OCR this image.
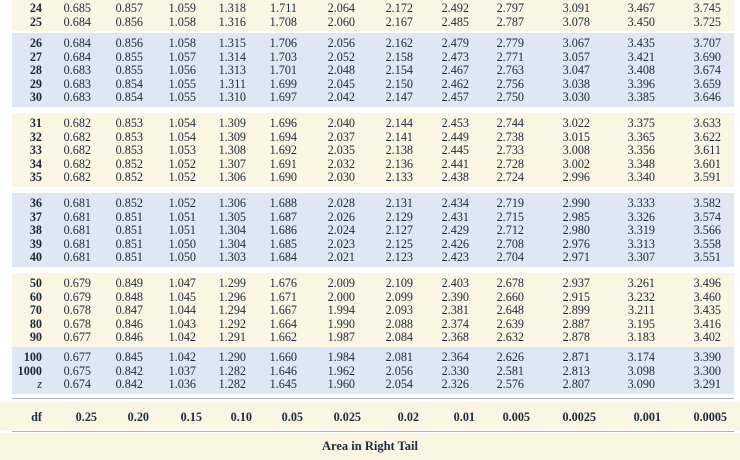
24 0.685 0.857 1.059 1.318 1.711	2.064	2.172 2.492 2.797	3.091	3.467	3.745
25 0.684 0.856 1.058 1.316 1.708	2.060	2.167 2.485 2.787	3.078	3.450	3.725
26 0.684 0.856 1.058 1.315 1.706	2.056	2.162 2.479 2.779	3.067	3.435	3.707
27 0.684 0.855 1.057 1.314 1.703	2.052	2.158 2.473 2.771	3.057	3.421	3.690
28 0.683 0.855 1.056 1.313 1.701	2.048	2.154 2.467 2.763	3.047	3.408	3.674
29 0.683 0.854 1.055 1.311 1.699	2.045	2.150 2.462 2.756	3.038	3.396	3.659
30 0.683 0.854 1.055 1.310 1.697	2.042	2.147 2.457 2.750	3.030	3.385	3.646
31 0.682 0.853 1.054 1.309 1.696	2.040	2.144 2.453 2.744	3.022	3.375	3.633
32 0.682 0.853 1.054 1.309 1.694	2.037	2.141 2.449 2.738	3.015	3.365	3.622
33 0.682 0.853 1.053 1.308 1.692	2.035	2.138 2.445 2.733	3.008	3.356	3.611
34 0.682 0.852 1.052 1.307 1.691	2.032	2.136 2.441 2.728	3.002	3.348	3.601
35 0.682 0.852 1.052 1.306 1.690	2.030	2.133 2.438 2.724	2.996	3.340	3.591
36 0.681 0.852 1.052 1.306 1.688	2.028	2.131 2.434 2.719	2.990	3.333	3.582
37 0.681 0.851 1.051 1.305 1.687	2.026	2.129 2.431 2.715	2.985	3.326	3.574
38 0.681 0.851 1.051 1.304 1.686	2.024	2.127 2.429 2.712	2.980	3.319	3.566
39 0.681 0.851 1.050 1.304 1.685	2.023	2.125 2.426 2.708	2.976	3.313	3.558
40 0.681 0.851 1.050 1.303 1.684	2.021	2.123 2.423 2.704	2.971	3.307	3.551
50 0.679 0.849 1.047 1.299 1.676	2.009	2.109 2.403 2.678	2.937	3.261	3.496
60 0.679 0.848 1.045 1.296 1.671	2.000	2.099 2.390 2.660	2.915	3.232	3.460
70 0.678 0.847 1.044 1.294 1.667	1.994	2.093 2.381 2.648	2.899	3.211	3.435
80 0.678 0.846 1.043 1.292 1.664	1.990	2.088 2.374 2.639	2.887	3.195	3.416
90 0.677 0.846 1.042 1.291 1.662	1.987	2.084 2.368 2.632	2.878	3.183	3.402
100 0.677 0.845 1.042 1.290 1.660	1.984	2.081 2.364 2.626	2.871	3.174	3.390
1000 0.675 0.842 1.037 1.282 1.646	1.962	2.056 2.330 2.581	2.813	3.098	3.300
z 0.674 0.842 1.036 1.282 1.645	1.960	2.054 2.326 2.576	2.807	3.090	3.291
df	0.25	0.20	0.15 0.10 0.05	0.025	0.02	0.01 0.005	0.0025	0.001	0.0005
Area in Right Tail
